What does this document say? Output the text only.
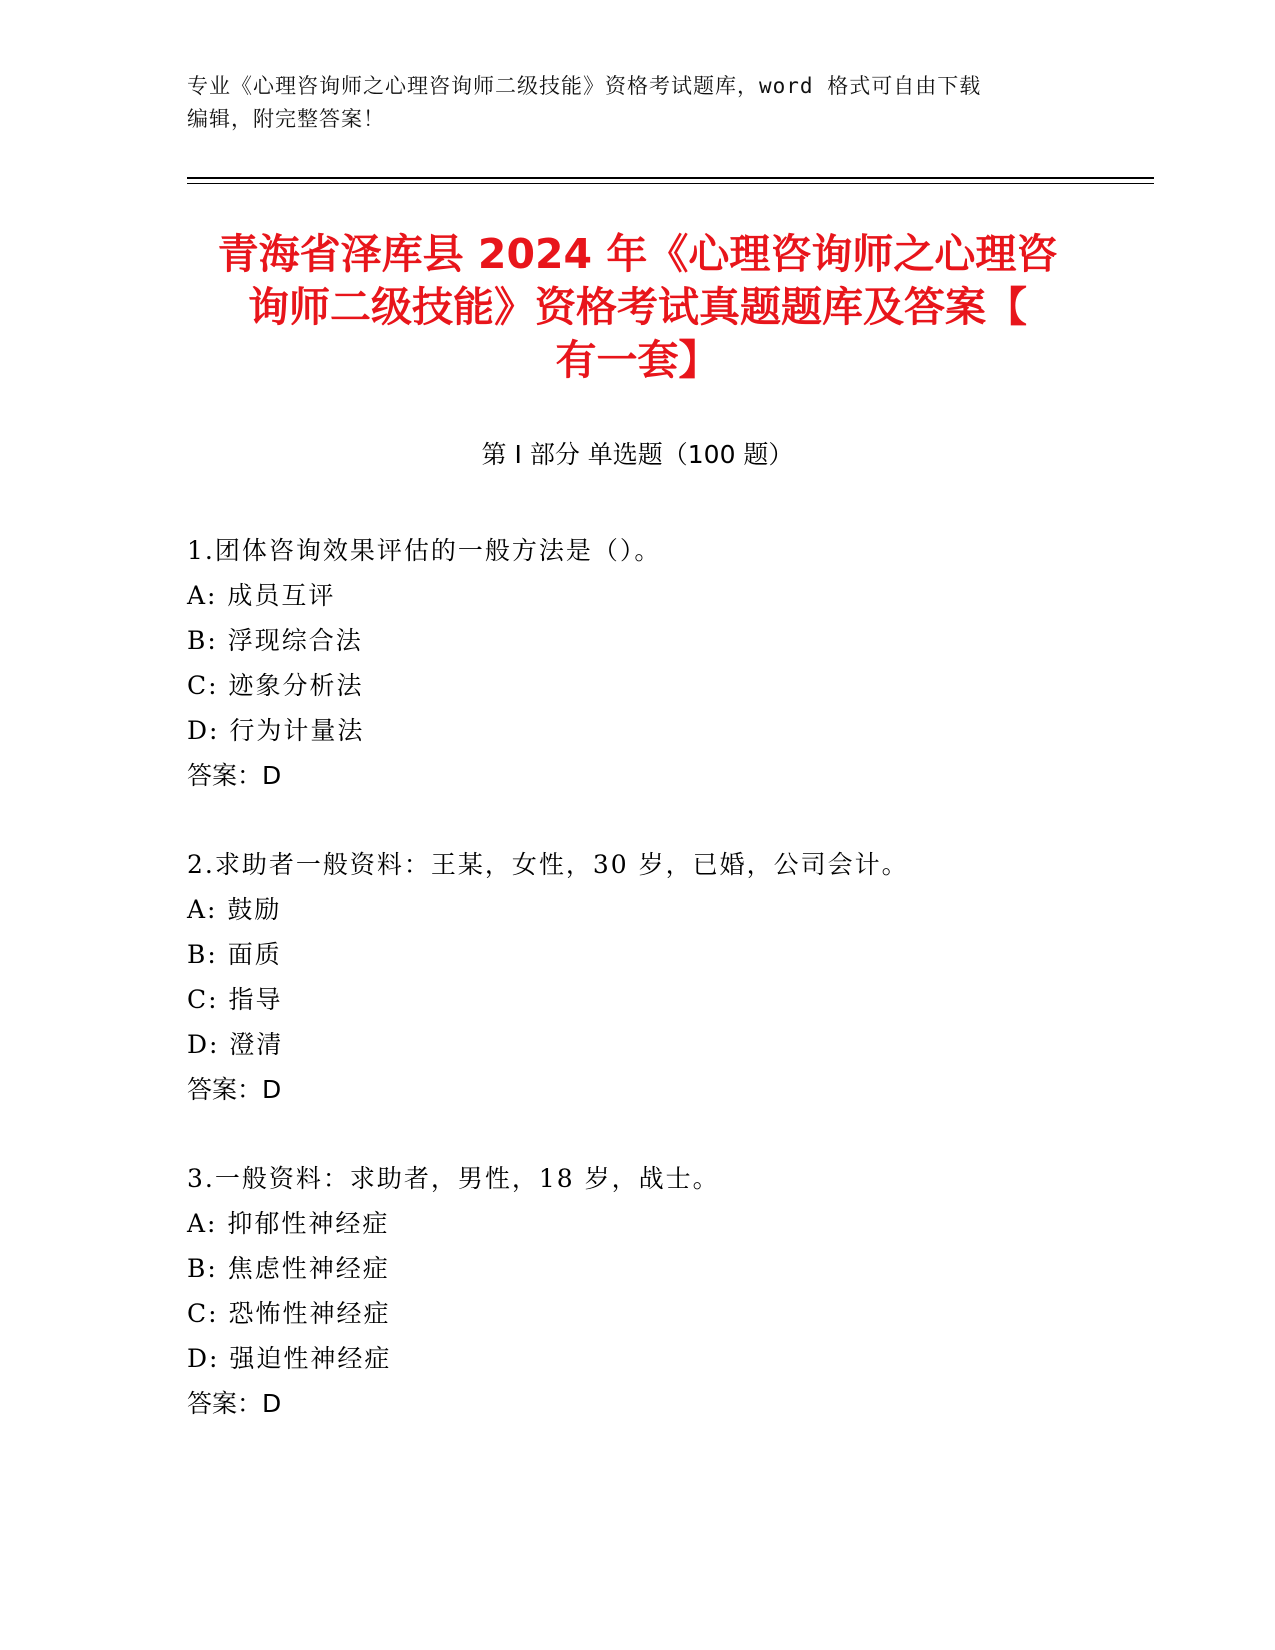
专业《心理咨询师之心理咨询师二级技能》资格考试题库，word 格式可自由下载
编辑，附完整答案！
青海省泽库县 2024 年《心理咨询师之心理咨
询师二级技能》资格考试真题题库及答案【
有一套】
第 I 部分 单选题（100 题）
1.团体咨询效果评估的一般方法是（）。
A: 成员互评
B: 浮现综合法
C: 迹象分析法
D: 行为计量法
答案：D
2.求助者一般资料：王某，女性，30 岁，已婚，公司会计。
A: 鼓励
B: 面质
C: 指导
D: 澄清
答案：D
3.一般资料：求助者，男性，18 岁，战士。
A: 抑郁性神经症
B: 焦虑性神经症
C: 恐怖性神经症
D: 强迫性神经症
答案：D
